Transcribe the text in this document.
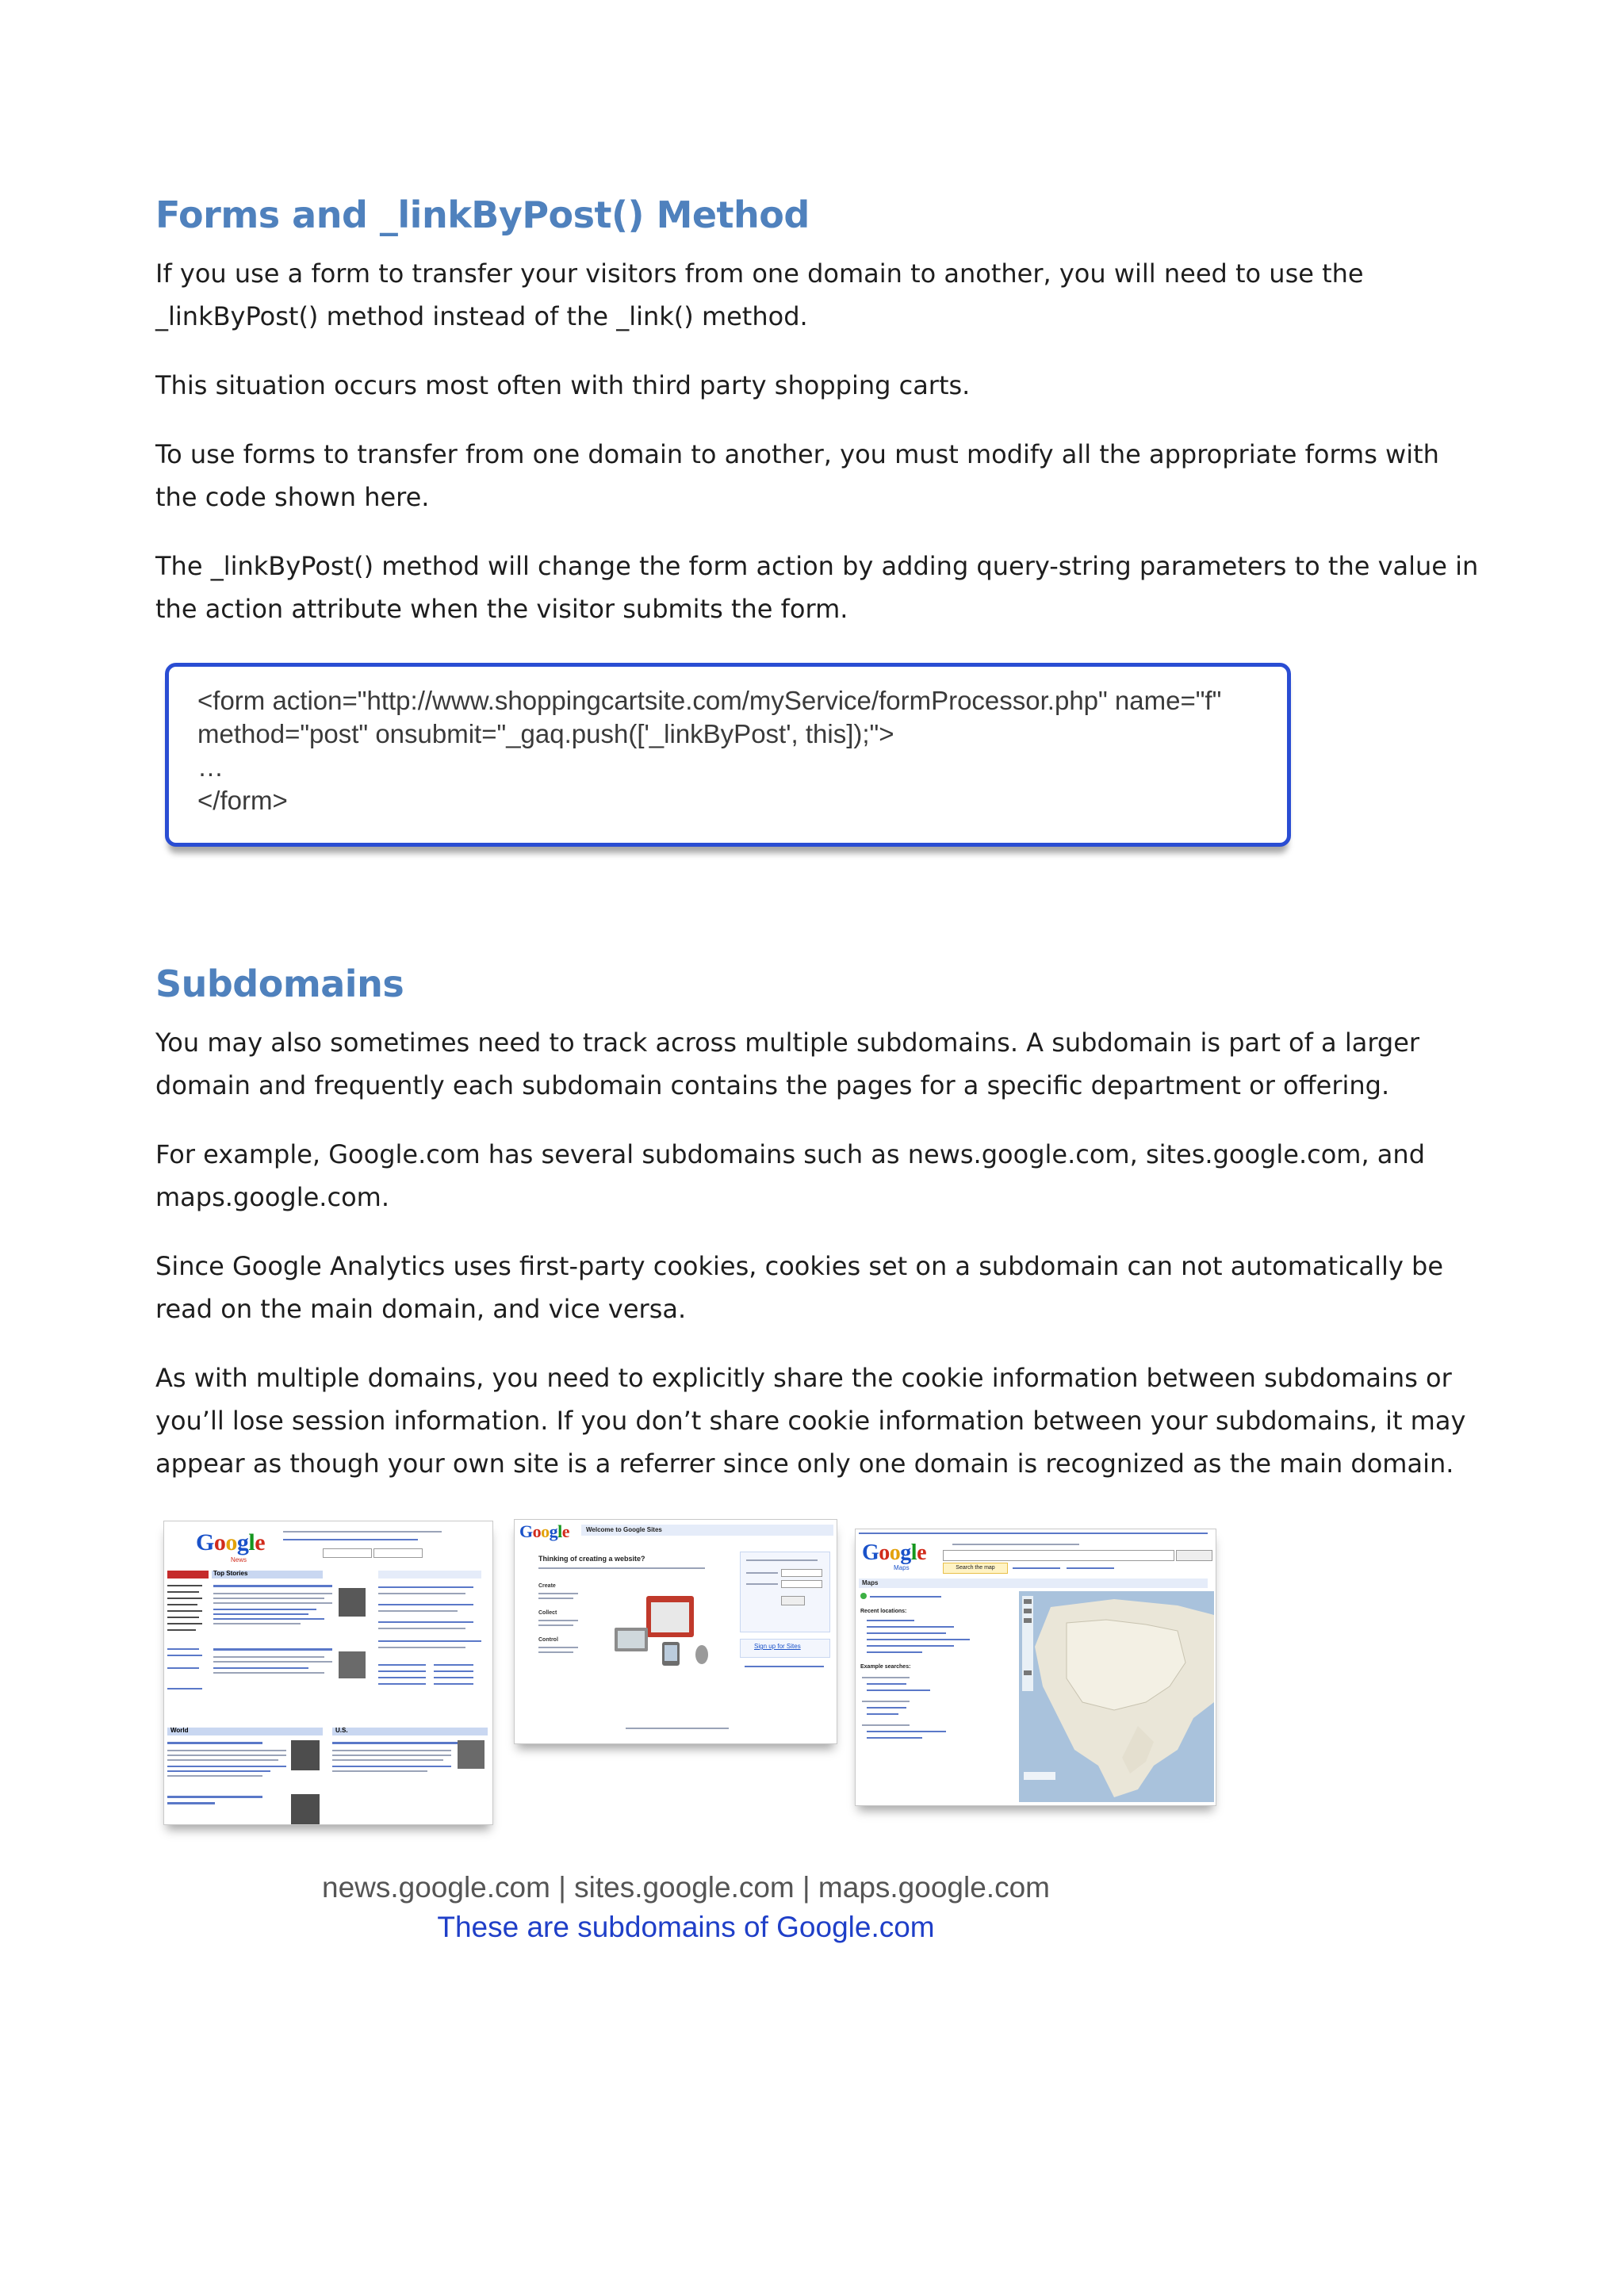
Forms and _linkByPost() Method

If you use a form to transfer your visitors from one domain to another, you will need to use the _linkByPost() method instead of the _link() method.

This situation occurs most often with third party shopping carts.

To use forms to transfer from one domain to another, you must modify all the appropriate forms with the code shown here.

The _linkByPost() method will change the form action by adding query-string parameters to the value in the action attribute when the visitor submits the form.

<form action="http://www.shoppingcartsite.com/myService/formProcessor.php" name="f"
method="post" onsubmit="_gaq.push(['_linkByPost', this]);">
…
</form>
Subdomains

You may also sometimes need to track across multiple subdomains. A subdomain is part of a larger domain and frequently each subdomain contains the pages for a specific department or offering.

For example, Google.com has several subdomains such as news.google.com, sites.google.com, and maps.google.com.

Since Google Analytics uses first-party cookies, cookies set on a subdomain can not automatically be read on the main domain, and vice versa.

As with multiple domains, you need to explicitly share the cookie information between subdomains or you’ll lose session information. If you don’t share cookie information between your subdomains, it may appear as though your own site is a referrer since only one domain is recognized as the main domain.

Google
News
Top Stories
World	U.S.
Google	Welcome to Google Sites
Thinking of creating a website?
Create
Collect
Control
Sign up for Sites
Google
Maps	Search the map
Maps
Recent locations:
Example searches:
news.google.com | sites.google.com | maps.google.com
These are subdomains of Google.com
